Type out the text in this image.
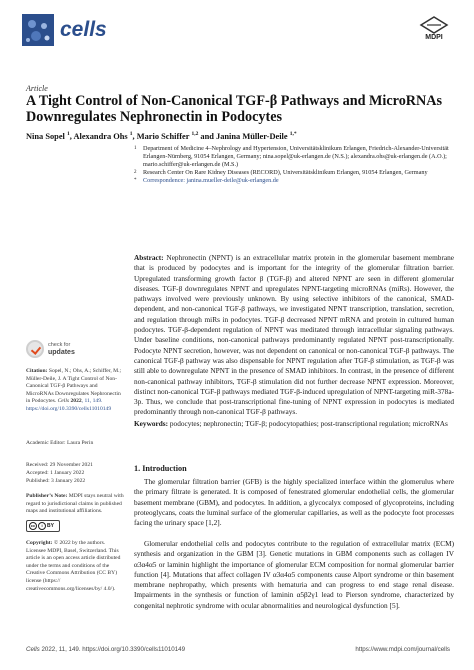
cells	MDPI
Article
A Tight Control of Non-Canonical TGF-β Pathways and MicroRNAs Downregulates Nephronectin in Podocytes
Nina Sopel $^1$, Alexandra Ohs $^1$, Mario Schiffer $^{1,2}$ and Janina Müller-Deile $^{1,*}$
1	Department of Medicine 4–Nephrology and Hypertension, Universitätsklinikum Erlangen, Friedrich-Alexander-Universität Erlangen-Nürnberg, 91054 Erlangen, Germany; nina.sopel@uk-erlangen.de (N.S.); alexandra.ohs@uk-erlangen.de (A.O.); mario.schiffer@uk-erlangen.de (M.S.)
2	Research Center On Rare Kidney Diseases (RECORD), Universitätsklinikum Erlangen, 91054 Erlangen, Germany
*	Correspondence: janina.mueller-deile@uk-erlangen.de
Abstract: Nephronectin (NPNT) is an extracellular matrix protein in the glomerular basement membrane that is produced by podocytes and is important for the integrity of the glomerular filtration barrier. Upregulated transforming growth factor β (TGF-β) and altered NPNT are seen in different glomerular diseases. TGF-β downregulates NPNT and upregulates NPNT-targeting microRNAs (miRs). However, the pathways involved were previously unknown. By using selective inhibitors of the canonical, SMAD-dependent, and non-canonical TGF-β pathways, we investigated NPNT transcription, translation, secretion, and regulation through miRs in podocytes. TGF-β decreased NPNT mRNA and protein in cultured human podocytes. TGF-β-dependent regulation of NPNT was meditated through intracellular signaling pathways. Under baseline conditions, non-canonical pathways predominantly regulated NPNT post-transcriptionally. Podocyte NPNT secretion, however, was not dependent on canonical or non-canonical TGF-β pathways. The canonical TGF-β pathway was also dispensable for NPNT regulation after TGF-β stimulation, as TGF-β was still able to downregulate NPNT in the presence of SMAD inhibitors. In contrast, in the presence of different non-canonical pathway inhibitors, TGF-β stimulation did not further decrease NPNT expression. Moreover, distinct non-canonical TGF-β pathways mediated TGF-β-induced upregulation of NPNT-targeting miR-378a-3p. Thus, we conclude that post-transcriptional fine-tuning of NPNT expression in podocytes is mediated predominantly through non-canonical TGF-β pathways.
Keywords: podocytes; nephronectin; TGF-β; podocytopathies; post-transcriptional regulation; microRNAs
check for
updates
Citation: Sopel, N.; Ohs, A.; Schiffer, M.; Müller-Deile, J. A Tight Control of Non-Canonical TGF-β Pathways and MicroRNAs Downregulates Nephronectin in Podocytes. Cells 2022, 11, 149. https://doi.org/10.3390/cells11010149
Academic Editor: Laura Perin
Received: 29 November 2021
Accepted: 1 January 2022
Published: 3 January 2022
Publisher’s Note: MDPI stays neutral with regard to jurisdictional claims in published maps and institutional affiliations.
cc	i BY
Copyright: © 2022 by the authors. Licensee MDPI, Basel, Switzerland. This article is an open access article distributed under the terms and conditions of the Creative Commons Attribution (CC BY) license (https:// creativecommons.org/licenses/by/ 4.0/).
1. Introduction
The glomerular filtration barrier (GFB) is the highly specialized interface within the glomerulus where the primary filtrate is generated. It is composed of fenestrated glomerular endothelial cells, the glomerular basement membrane (GBM), and podocytes. In addition, a glycocalyx composed of glycoproteins, including proteoglycans, coats the luminal surface of the glomerular capillaries, as well as the podocyte foot processes facing the urinary space [1,2].
Glomerular endothelial cells and podocytes contribute to the regulation of extracellular matrix (ECM) synthesis and organization in the GBM [3]. Genetic mutations in GBM components such as collagen IV α3α4α5 or laminin highlight the importance of glomerular ECM composition for normal glomerular barrier function [4]. Mutations that affect collagen IV α3α4α5 components cause Alport syndrome or thin basement membrane nephropathy, which presents with hematuria and can progress to end stage renal disease. Impairments in the synthesis or function of laminin α5β2γ1 lead to Pierson syndrome, characterized by congenital nephrotic syndrome with ocular abnormalities and neurological dysfunction [5].
Cells 2022, 11, 149. https://doi.org/10.3390/cells11010149	https://www.mdpi.com/journal/cells
